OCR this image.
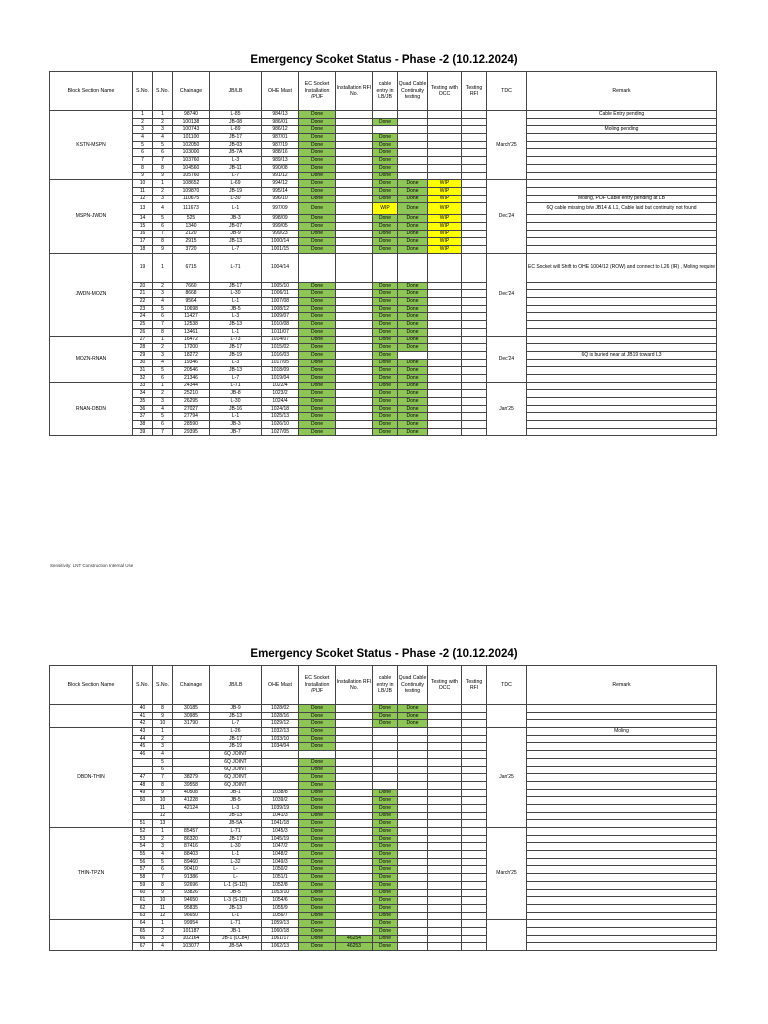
Emergency Scoket Status - Phase -2 (10.12.2024)
Block Section Name	S.No.	S.No.	Chainage	JB/LB	OHE Mast	EC Socket Installation /PIJF	Installation RFI No.	cable entry in LB/JB	Quad Cable Continuity testing	Testing with OCC	Testing RFI	TDC	Remark
KSTN-MSPN	1	1	98740	L-85	984/13	Done						March'25	Cable Entry pending
	2	2	100138	JB-08	986/01	Done		Done					
	3	3	100743	L-89	986/12	Done							Moling pending
	4	4	101100	JB-17	987/01	Done		Done					
	5	5	102050	JB-03	987/19	Done		Done					
	6	6	103000	JB-7A	988/16	Done		Done					
	7	7	103760	L-3	989/13	Done		Done					
	8	8	104560	JB-11	990/08	Done		Done					
	9	9	105760	L-7	991/12	Done		Done					
MSPN-JWDN	10	1	108652	L-69	994/12	Done		Done	Done	WIP		Dec'24	
	11	2	109870	JB-19	995/14	Done		Done	Done	WIP			
	12	3	110675	L-30	996/10	Done		Done	Done	WIP			Moling, PIJF Cable entry pending at LB
	13	4	111673	L-1	997/09	Done		WIP	Done	WIP			6Q cable missing b/w JB14 & L1, Cable laid but continuity not found
	14	5	525	JB-3	998/09	Done		Done	Done	WIP			
	15	6	1340	JB-07	999/05	Done		Done	Done	WIP			
	16	7	2120	JB-9	999/23	Done		Done	Done	WIP			
	17	8	2915	JB-13	1000/14	Done		Done	Done	WIP			
	18	9	3720	L-7	1001/15	Done		Done	Done	WIP			
JWDN-MOZN	19	1	6715	L-71	1004/14							Dec'24	EC Socket will Shift to OHE 1004/12 (ROW) and connect to L26 (IR) , Moling require
	20	2	7660	JB-17	1005/10	Done		Done	Done				
	21	3	8668	L-30	1006/11	Done		Done	Done				
	22	4	9564	L-1	1007/08	Done		Done	Done				
	23	5	10698	JB-5	1008/12	Done		Done	Done				
	24	6	11427	L-3	1009/07	Done		Done	Done				
	25	7	12538	JB-13	1010/08	Done		Done	Done				
	26	8	13461	L-1	1011/07	Done		Done	Done				
MOZN-RNAN	27	1	16472	L-73	1014/07	Done		Done	Done			Dec'24	
	28	2	17200	JB-17	1015/02	Done		Done	Done				
	29	3	18272	JB-19	1016/03	Done		Done					6Q is buried near at JB19 toward L3
	30	4	19346	L-3	1017/05	Done		Done	Done				
	31	5	20546	JB-13	1018/09	Done		Done	Done				
	32	6	21346	L-7	1019/04	Done		Done	Done				
RNAN-DBDN	33	1	24344	L-71	1022/4	Done		Done	Done			Jan'25	
	34	2	25210	JB-8	1023/2	Done		Done	Done				
	35	3	26295	L-30	1024/4	Done		Done	Done				
	36	4	27027	JB-16	1024/18	Done		Done	Done				
	37	5	27794	L-1	1025/13	Done		Done	Done				
	38	6	28590	JB-3	1026/10	Done		Done	Done				
	39	7	29395	JB-7	1027/05	Done		Done	Done				
Sensitivity: LNT Construction Internal Use
Emergency Scoket Status - Phase -2 (10.12.2024)
Block Section Name	S.No.	S.No.	Chainage	JB/LB	OHE Mast	EC Socket Installation /PIJF	Installation RFI No.	cable entry in LB/JB	Quad Cable Continuity testing	Testing with OCC	Testing RFI	TDC	Remark
	40	8	30185	JB-9	1028/02	Done		Done	Done				
	41	9	30985	JB-13	1028/16	Done		Done	Done				
	42	10	31790	L-7	1029/12	Done		Done	Done				
DBDN-THIN	43	1		L-26	1032/13	Done						Jan'25	Moling
	44	2		JB-17	1033/10	Done							
	45	3		JB-19	1034/04	Done							
	46	4		6Q JOINT									
		5		6Q JOINT		Done							
		6		6Q JOINT		Done							
	47	7	38279	6Q JOINT		Done							
	48	8	39558	6Q JOINT		Done							
	49	9	40508	JB-1	1038/8	Done		Done					
	50	10	41228	JB-5	1039/2	Done		Done					
		11	42124	L-3	1039/19	Done		Done					
		12		JB-13	1041/3	Done		Done					
	51	13		JB-5A	1041/18	Done		Done					
THIN-TPZN	52	1	85457	L-71	1045/3	Done		Done				March'25	
	53	2	86320	JB-17	1045/19	Done		Done					
	54	3	87416	L-30	1047/2	Done		Done					
	55	4	88403	L-1	1048/2	Done		Done					
	56	5	89460	L-32	1049/3	Done		Done					
	57	6	90410	L-	1050/2	Done		Done					
	58	7	91386	L-	1051/1	Done		Done					
	59	8	92696	L-1 (S-1D)	1052/8	Done		Done					
	60	9	93826	JB-5	1053/10	Done		Done					
	61	10	94650	L-3 (S-1D)	1054/6	Done		Done					
	62	11	95835	JB-13	1055/9	Done		Done					
	63	12	96650	L-1	1056/7	Done		Done					
	64	1	99954	L-71	1059/13	Done		Done					
	65	2	101187	JB-1	1060/18	Done		Done					
	66	3	102164	JB-1 (LC84)	1061/17	Done	46254	Done					
	67	4	103077	JB-5A	1062/13	Done	46253	Done					
